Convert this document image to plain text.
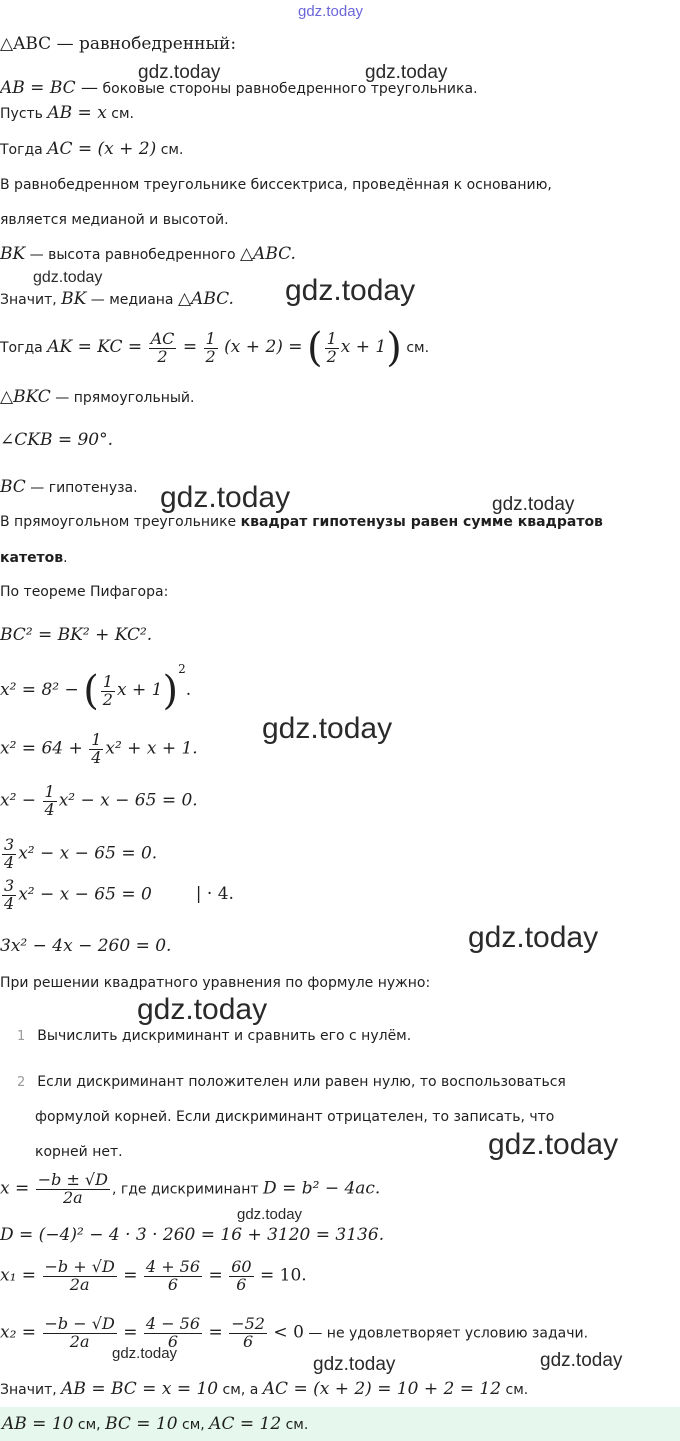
gdz.today
gdz.today	gdz.today
gdz.today	gdz.today
gdz.today	gdz.today
gdz.today
gdz.today
gdz.today
gdz.today
gdz.today
gdz.today
gdz.today	gdz.today
△ABC — равнобедренный:
AB = BC — боковые стороны равнобедренного треугольника.
Пусть AB = x см.
Тогда AC = (x + 2) см.
В равнобедренном треугольнике биссектриса, проведённая к основанию,
является медианой и высотой.
BK — высота равнобедренного △ABC.
Значит, BK — медиана △ABC.
Тогда AK = KC = $\frac{AC}{2} = \frac{1}{2} (x + 2)$ = ( $\frac{1}{2}$ x + 1) см.
△BKC — прямоугольный.
∠CKB = 90°.
BC — гипотенуза.
В прямоугольном треугольнике квадрат гипотенузы равен сумме квадратов
катетов.
По теореме Пифагора:
BC² = BK² + KC².
x² = 8² − ( $\frac{1}{2}$ x + 1)$^2$.
$x^2 = 64 + \frac{1}{4} x^2 + x + 1$.
$x^2 - \frac{1}{4} x^2 - x - 65 = 0$.
$\frac{3}{4} x^2 - x - 65 = 0$.
$\frac{3}{4} x^2 - x - 65 = 0$	| · 4.
3x² − 4x − 260 = 0.
При решении квадратного уравнения по формуле нужно:
1 Вычислить дискриминант и сравнить его с нулём.
2 Если дискриминант положителен или равен нулю, то воспользоваться
формулой корней. Если дискриминант отрицателен, то записать, что
корней нет.
$x = \frac{-b \pm √D}{2a}$ , где дискриминант D = b² − 4ac.
D = (−4)² − 4 · 3 · 260 = 16 + 3120 = 3136.
$x_1 = \frac{-b + √D}{2a} = \frac{4 + 56}{6} = \frac{60}{6} = 10$.
$x_2 = \frac{-b - √D}{2a} = \frac{4 - 56}{6} = \frac{-52}{6} < 0$ — не удовлетворяет условию задачи.
Значит, AB = BC = x = 10 см, а AC = (x + 2) = 10 + 2 = 12 см.
AB = 10 см, BC = 10 см, AC = 12 см.
